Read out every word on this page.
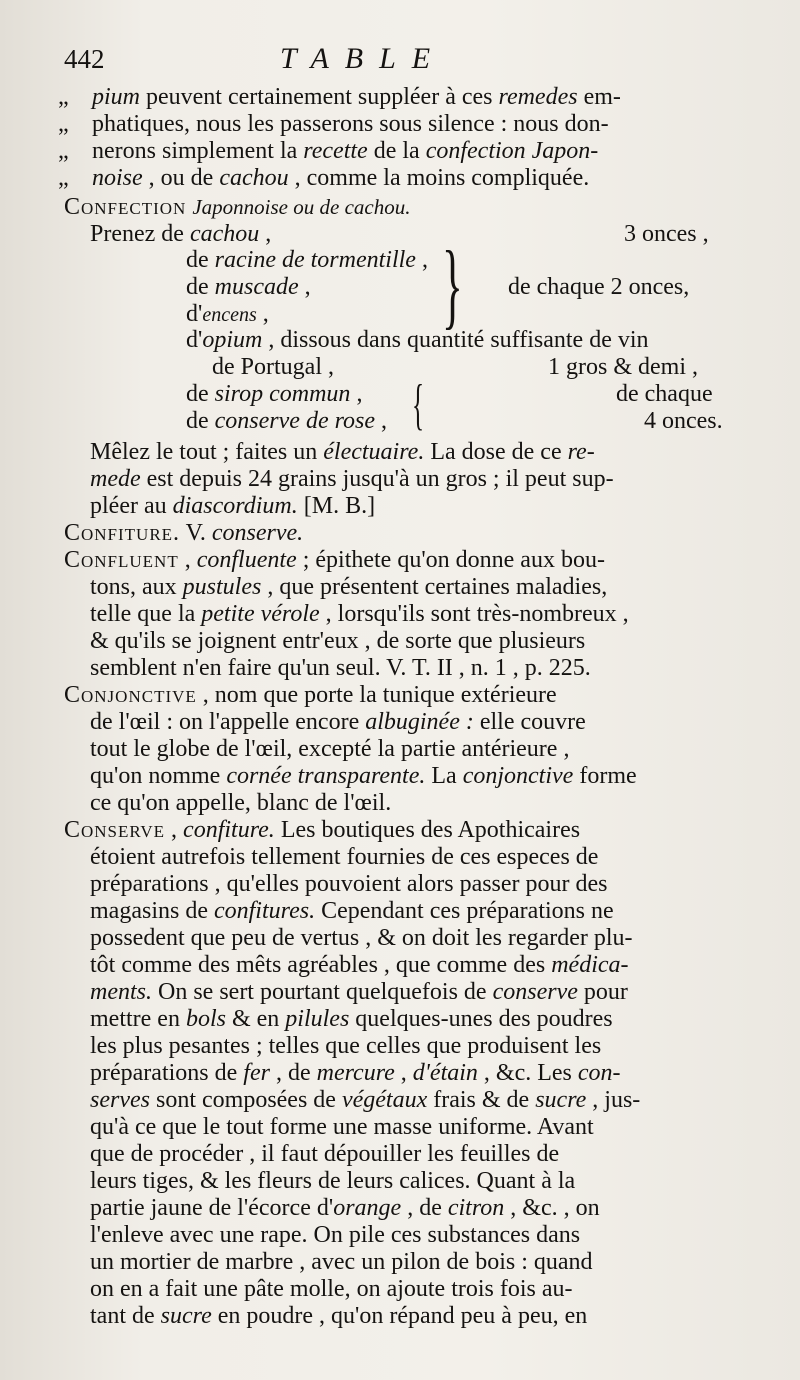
442	TABLE
„ pium peuvent certainement suppléer à ces remedes em-
„ phatiques, nous les passerons sous silence : nous don-
„ nerons simplement la recette de la confection Japon-
„ noise , ou de cachou , comme la moins compliquée.
Confection Japonnoise ou de cachou.
Prenez de cachou ,	3 onces ,
de racine de tormentille ,
de muscade ,	de chaque 2 onces,
d'encens , }
d'opium , dissous dans quantité suffisante de vin
de Portugal ,	1 gros & demi ,
de sirop commun ,	de chaque
de conserve de rose ,	4 onces.
{
Mêlez le tout ; faites un électuaire. La dose de ce re-
mede est depuis 24 grains jusqu'à un gros ; il peut sup-
pléer au diascordium. [M. B.]
Confiture. V. conserve.
Confluent , confluente ; épithete qu'on donne aux bou-
tons, aux pustules , que présentent certaines maladies,
telle que la petite vérole , lorsqu'ils sont très-nombreux ,
& qu'ils se joignent entr'eux , de sorte que plusieurs
semblent n'en faire qu'un seul. V. T. II , n. 1 , p. 225.
Conjonctive , nom que porte la tunique extérieure
de l'œil : on l'appelle encore albuginée : elle couvre
tout le globe de l'œil, excepté la partie antérieure ,
qu'on nomme cornée transparente. La conjonctive forme
ce qu'on appelle, blanc de l'œil.
Conserve , confiture. Les boutiques des Apothicaires
étoient autrefois tellement fournies de ces especes de
préparations , qu'elles pouvoient alors passer pour des
magasins de confitures. Cependant ces préparations ne
possedent que peu de vertus , & on doit les regarder plu-
tôt comme des mêts agréables , que comme des médica-
ments. On se sert pourtant quelquefois de conserve pour
mettre en bols & en pilules quelques-unes des poudres
les plus pesantes ; telles que celles que produisent les
préparations de fer , de mercure , d'étain , &c. Les con-
serves sont composées de végétaux frais & de sucre , jus-
qu'à ce que le tout forme une masse uniforme. Avant
que de procéder , il faut dépouiller les feuilles de
leurs tiges, & les fleurs de leurs calices. Quant à la
partie jaune de l'écorce d'orange , de citron , &c. , on
l'enleve avec une rape. On pile ces substances dans
un mortier de marbre , avec un pilon de bois : quand
on en a fait une pâte molle, on ajoute trois fois au-
tant de sucre en poudre , qu'on répand peu à peu, en
